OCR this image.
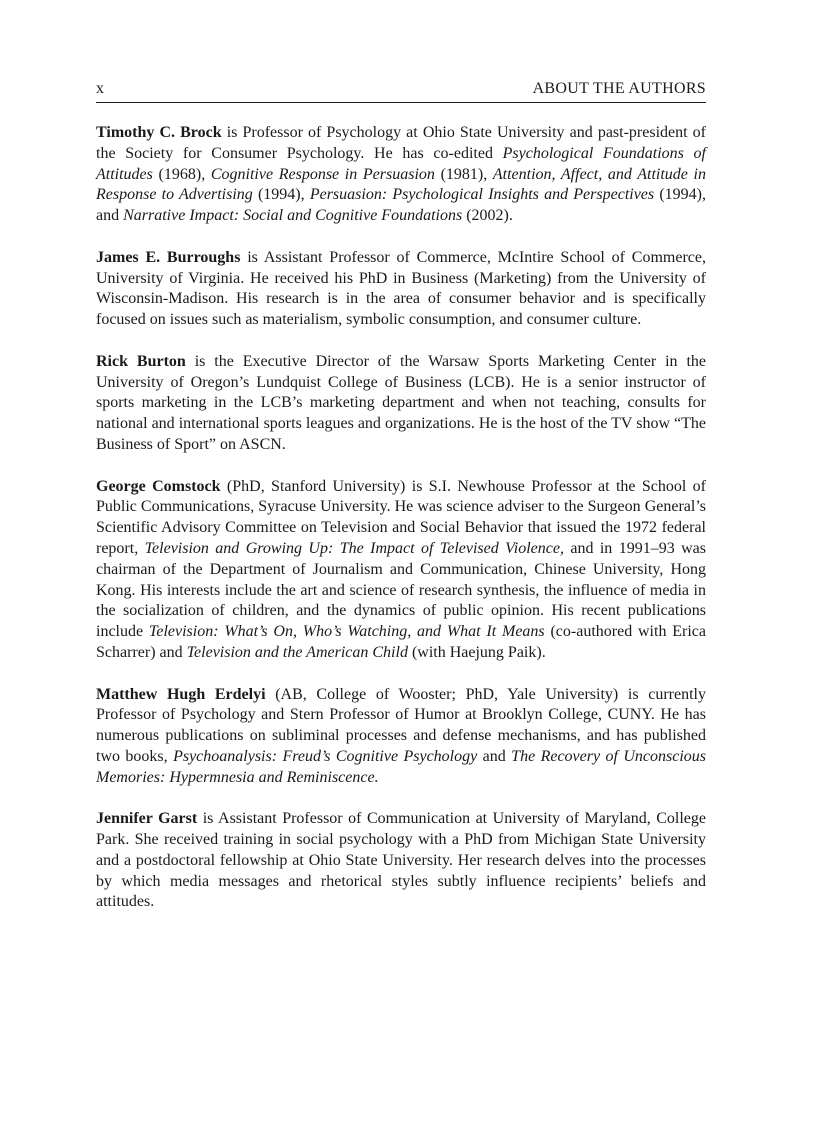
x	ABOUT THE AUTHORS

Timothy C. Brock is Professor of Psychology at Ohio State University and past-president of the Society for Consumer Psychology. He has co-edited Psychological Foundations of Attitudes (1968), Cognitive Response in Persuasion (1981), Attention, Affect, and Attitude in Response to Advertising (1994), Persuasion: Psychological Insights and Perspectives (1994), and Narrative Impact: Social and Cognitive Foundations (2002).

James E. Burroughs is Assistant Professor of Commerce, McIntire School of Commerce, University of Virginia. He received his PhD in Business (Marketing) from the University of Wisconsin-Madison. His research is in the area of consumer behavior and is specifically focused on issues such as materialism, symbolic consumption, and consumer culture.

Rick Burton is the Executive Director of the Warsaw Sports Marketing Center in the University of Oregon’s Lundquist College of Business (LCB). He is a senior instructor of sports marketing in the LCB’s marketing department and when not teaching, consults for national and international sports leagues and organizations. He is the host of the TV show “The Business of Sport” on ASCN.

George Comstock (PhD, Stanford University) is S.I. Newhouse Professor at the School of Public Communications, Syracuse University. He was science adviser to the Surgeon General’s Scientific Advisory Committee on Television and Social Behavior that issued the 1972 federal report, Television and Growing Up: The Impact of Televised Violence, and in 1991–93 was chairman of the Department of Journalism and Communication, Chinese University, Hong Kong. His interests include the art and science of research synthesis, the influence of media in the socialization of children, and the dynamics of public opinion. His recent publications include Television: What’s On, Who’s Watching, and What It Means (co-authored with Erica Scharrer) and Television and the American Child (with Haejung Paik).

Matthew Hugh Erdelyi (AB, College of Wooster; PhD, Yale University) is currently Professor of Psychology and Stern Professor of Humor at Brooklyn College, CUNY. He has numerous publications on subliminal processes and defense mechanisms, and has published two books, Psychoanalysis: Freud’s Cognitive Psychology and The Recovery of Unconscious Memories: Hypermnesia and Reminiscence.

Jennifer Garst is Assistant Professor of Communication at University of Maryland, College Park. She received training in social psychology with a PhD from Michigan State University and a postdoctoral fellowship at Ohio State University. Her research delves into the processes by which media messages and rhetorical styles subtly influence recipients’ beliefs and attitudes.
